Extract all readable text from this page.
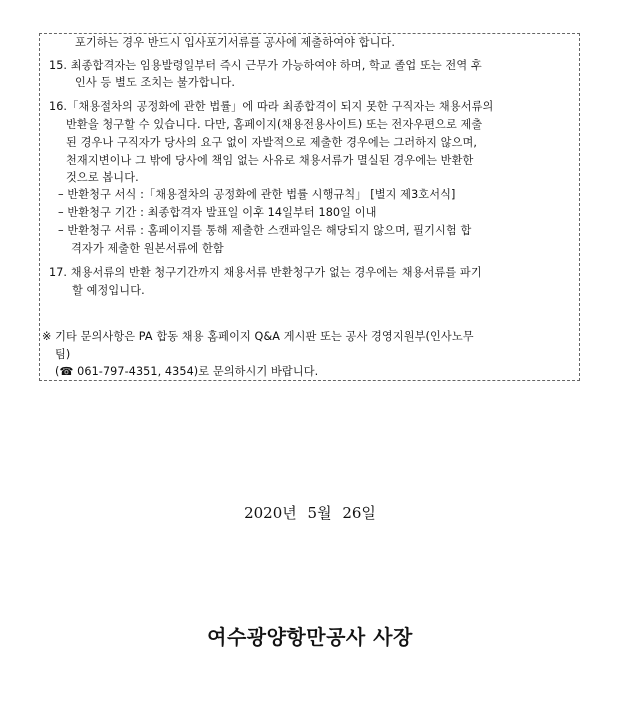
포기하는 경우 반드시 입사포기서류를 공사에 제출하여야 합니다.
15. 최종합격자는 임용발령일부터 즉시 근무가 가능하여야 하며, 학교 졸업 또는 전역 후
인사 등 별도 조치는 불가합니다.
16.「채용절차의 공정화에 관한 법률」에 따라 최종합격이 되지 못한 구직자는 채용서류의
반환을 청구할 수 있습니다. 다만, 홈페이지(채용전용사이트) 또는 전자우편으로 제출
된 경우나 구직자가 당사의 요구 없이 자발적으로 제출한 경우에는 그러하지 않으며,
천재지변이나 그 밖에 당사에 책임 없는 사유로 채용서류가 멸실된 경우에는 반환한
것으로 봅니다.
– 반환청구 서식 :「채용절차의 공정화에 관한 법률 시행규칙」 [별지 제3호서식]
– 반환청구 기간 : 최종합격자 발표일 이후 14일부터 180일 이내
– 반환청구 서류 : 홈페이지를 통해 제출한 스캔파일은 해당되지 않으며, 필기시험 합
격자가 제출한 원본서류에 한함
17. 채용서류의 반환 청구기간까지 채용서류 반환청구가 없는 경우에는 채용서류를 파기
할 예정입니다.
※ 기타 문의사항은 PA 합동 채용 홈페이지 Q&A 게시판 또는 공사 경영지원부(인사노무
팀)
(☎ 061-797-4351, 4354)로 문의하시기 바랍니다.
2020년 5월 26일
여수광양항만공사 사장
